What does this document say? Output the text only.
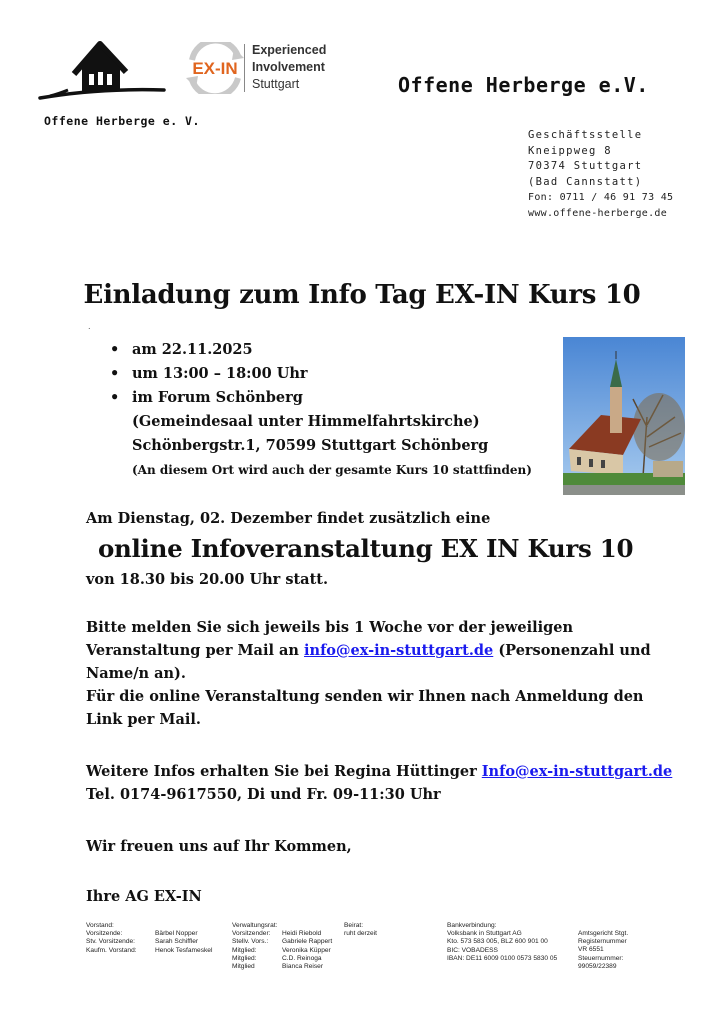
EX-IN
Experienced
Involvement
Stuttgart	Offene Herberge e.V.
Offene Herberge e. V.
Geschäftsstelle
Kneippweg 8
70374 Stuttgart
(Bad Cannstatt)
Fon: 0711 / 46 91 73 45
www.offene-herberge.de
Einladung zum Info Tag EX-IN Kurs 10
.
• am 22.11.2025
• um 13:00 – 18:00 Uhr
• im Forum Schönberg
(Gemeindesaal unter Himmelfahrtskirche)
Schönbergstr.1, 70599 Stuttgart Schönberg
(An diesem Ort wird auch der gesamte Kurs 10 stattfinden)
Am Dienstag, 02. Dezember findet zusätzlich eine
online Infoveranstaltung EX IN Kurs 10
von 18.30 bis 20.00 Uhr statt.
Bitte melden Sie sich jeweils bis 1 Woche vor der jeweiligen
Veranstaltung per Mail an info@ex-in-stuttgart.de (Personenzahl und
Name/n an).
Für die online Veranstaltung senden wir Ihnen nach Anmeldung den
Link per Mail.
Weitere Infos erhalten Sie bei Regina Hüttinger Info@ex-in-stuttgart.de
Tel. 0174-9617550, Di und Fr. 09-11:30 Uhr
Wir freuen uns auf Ihr Kommen,
Ihre AG EX-IN
Vorstand:
Vorsitzende:	Bärbel Nopper
Stv. Vorsitzende:	Sarah Schiffler
Kaufm. Vorstand:	Henok Tesfameskel
Verwaltungsrat:
Vorsitzender: Heidi Riebold
Stellv. Vors.: Gabriele Rappert
Mitglied:	Veronika Küpper
Mitglied:	C.D. Reinoga
Mitglied	Bianca Reiser
Beirat:
ruht derzeit
Bankverbindung:
Volksbank in Stuttgart AG
Kto. 573 583 005, BLZ 600 901 00
BIC: VOBADESS
IBAN: DE11 6009 0100 0573 5830 05
Amtsgericht Stgt.
Registernummer
VR 6551
Steuernummer:
99059/22389
